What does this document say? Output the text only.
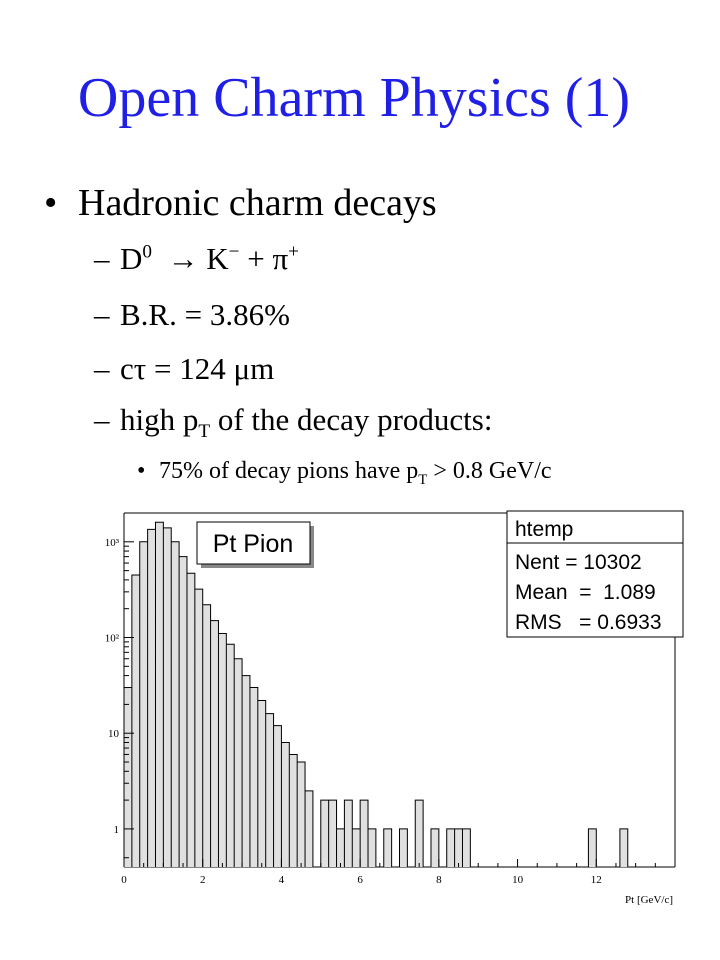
Open Charm Physics (1)
• Hadronic charm decays
– $D^0 \to K^- + \pi^+$
– B.R. = 3.86%
– cτ = 124 μm
– high $p_T$ of the decay products:
• 75% of decay pions have $p_T > 0.8$ GeV/c
0	2	4	6	8	10	12
1
10
10²
10³
Pt [GeV/c]
Pt Pion
htemp
Nent = 10302
Mean  =  1.089
RMS   = 0.6933
